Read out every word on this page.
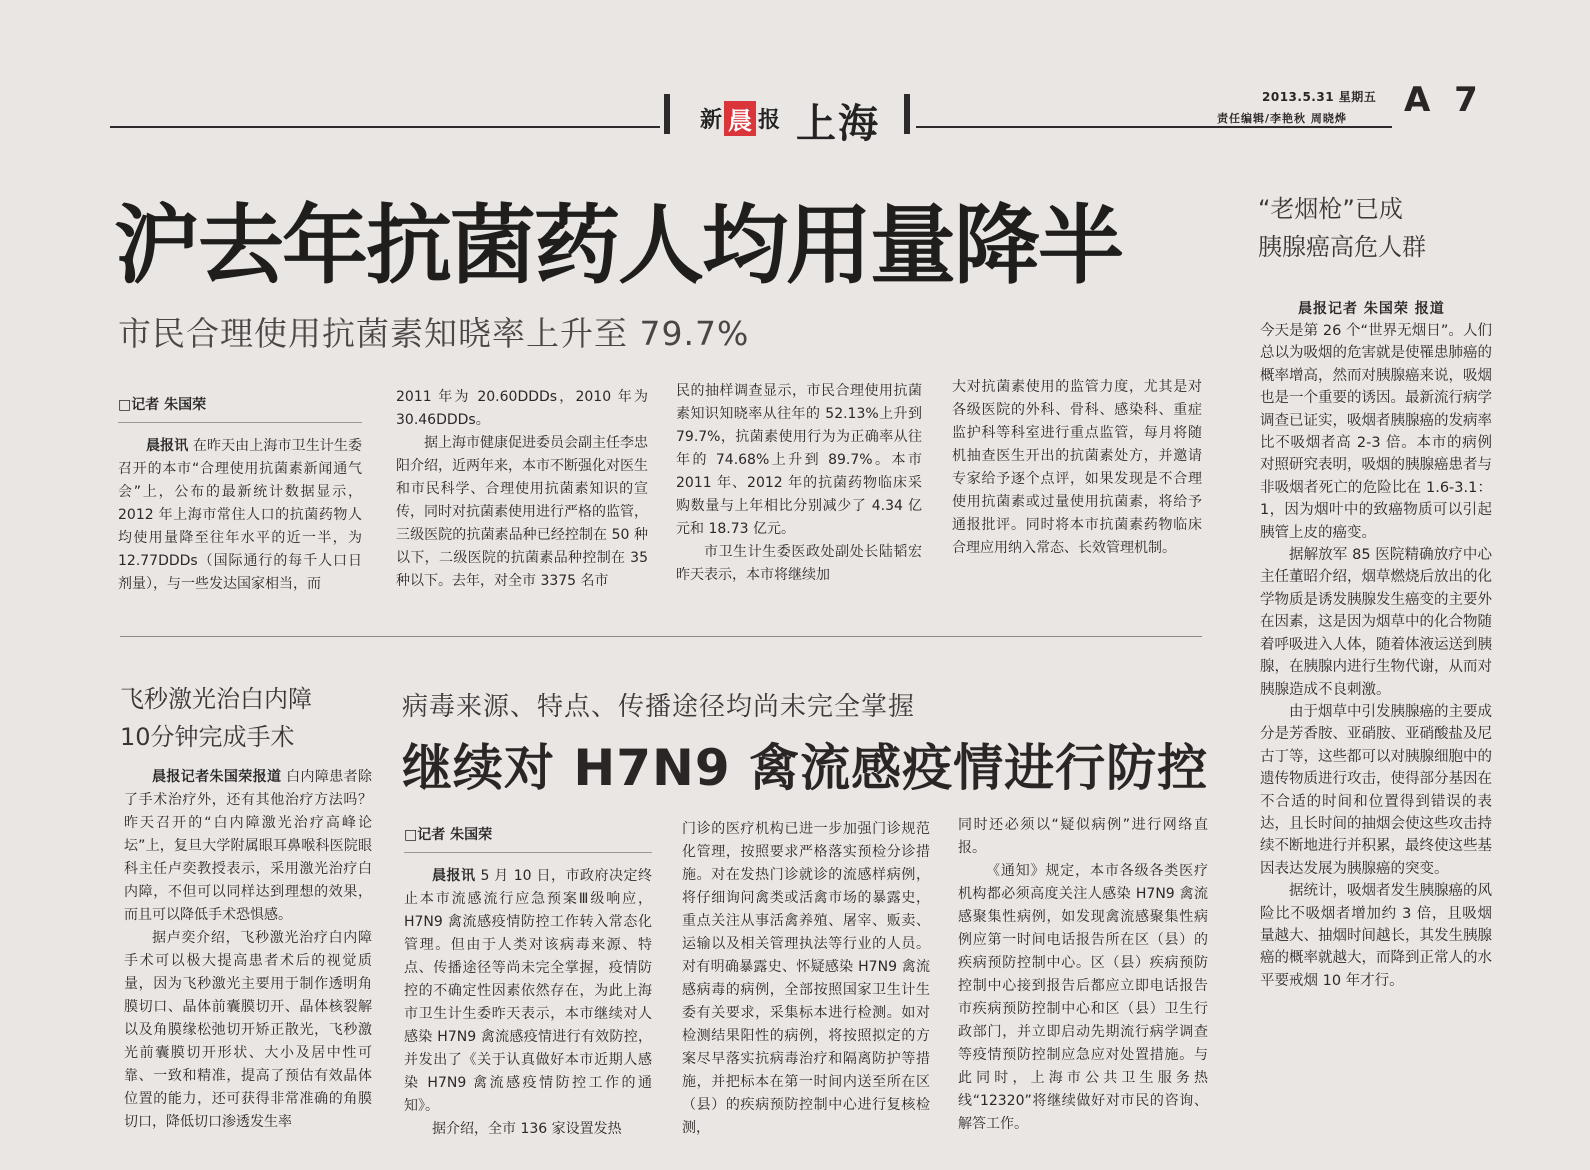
新 晨 报 上海
2013.5.31 星期五
责任编辑/李艳秋 周晓烨 A 7
沪去年抗菌药人均用量降半
市民合理使用抗菌素知晓率上升至 79.7%

□记者 朱国荣

晨报讯 在昨天由上海市卫生计生委召开的本市“合理使用抗菌素新闻通气会”上，公布的最新统计数据显示，2012 年上海市常住人口的抗菌药物人均使用量降至往年水平的近一半，为 12.77DDDs（国际通行的每千人口日剂量），与一些发达国家相当，而

2011 年为 20.60DDDs，2010 年为 30.46DDDs。

据上海市健康促进委员会副主任李忠阳介绍，近两年来，本市不断强化对医生和市民科学、合理使用抗菌素知识的宣传，同时对抗菌素使用进行严格的监管，三级医院的抗菌素品种已经控制在 50 种以下，二级医院的抗菌素品种控制在 35 种以下。去年，对全市 3375 名市

民的抽样调查显示，市民合理使用抗菌素知识知晓率从往年的 52.13%上升到 79.7%，抗菌素使用行为为正确率从往年的 74.68%上升到 89.7%。本市 2011 年、2012 年的抗菌药物临床采购数量与上年相比分别减少了 4.34 亿元和 18.73 亿元。

市卫生计生委医政处副处长陆韬宏昨天表示，本市将继续加

大对抗菌素使用的监管力度，尤其是对各级医院的外科、骨科、感染科、重症监护科等科室进行重点监管，每月将随机抽查医生开出的抗菌素处方，并邀请专家给予逐个点评，如果发现是不合理使用抗菌素或过量使用抗菌素，将给予通报批评。同时将本市抗菌素药物临床合理应用纳入常态、长效管理机制。

“老烟枪”已成
胰腺癌高危人群
晨报记者 朱国荣 报道

今天是第 26 个“世界无烟日”。人们总以为吸烟的危害就是使罹患肺癌的概率增高，然而对胰腺癌来说，吸烟也是一个重要的诱因。最新流行病学调查已证实，吸烟者胰腺癌的发病率比不吸烟者高 2-3 倍。本市的病例对照研究表明，吸烟的胰腺癌患者与非吸烟者死亡的危险比在 1.6-3.1：1，因为烟叶中的致癌物质可以引起胰管上皮的癌变。

据解放军 85 医院精确放疗中心主任董昭介绍，烟草燃烧后放出的化学物质是诱发胰腺发生癌变的主要外在因素，这是因为烟草中的化合物随着呼吸进入人体，随着体液运送到胰腺，在胰腺内进行生物代谢，从而对胰腺造成不良刺激。

由于烟草中引发胰腺癌的主要成分是芳香胺、亚硝胺、亚硝酸盐及尼古丁等，这些都可以对胰腺细胞中的遗传物质进行攻击，使得部分基因在不合适的时间和位置得到错误的表达，且长时间的抽烟会使这些攻击持续不断地进行并积累，最终使这些基因表达发展为胰腺癌的突变。

据统计，吸烟者发生胰腺癌的风险比不吸烟者增加约 3 倍，且吸烟量越大、抽烟时间越长，其发生胰腺癌的概率就越大，而降到正常人的水平要戒烟 10 年才行。

飞秒激光治白内障
10分钟完成手术

晨报记者朱国荣报道 白内障患者除了手术治疗外，还有其他治疗方法吗？昨天召开的“白内障激光治疗高峰论坛”上，复旦大学附属眼耳鼻喉科医院眼科主任卢奕教授表示，采用激光治疗白内障，不但可以同样达到理想的效果，而且可以降低手术恐惧感。

据卢奕介绍，飞秒激光治疗白内障手术可以极大提高患者术后的视觉质量，因为飞秒激光主要用于制作透明角膜切口、晶体前囊膜切开、晶体核裂解以及角膜缘松弛切开矫正散光，飞秒激光前囊膜切开形状、大小及居中性可靠、一致和精准，提高了预估有效晶体位置的能力，还可获得非常准确的角膜切口，降低切口渗透发生率

病毒来源、特点、传播途径均尚未完全掌握
继续对 H7N9 禽流感疫情进行防控

□记者 朱国荣

晨报讯 5 月 10 日，市政府决定终止本市流感流行应急预案Ⅲ级响应，H7N9 禽流感疫情防控工作转入常态化管理。但由于人类对该病毒来源、特点、传播途径等尚未完全掌握，疫情防控的不确定性因素依然存在，为此上海市卫生计生委昨天表示，本市继续对人感染 H7N9 禽流感疫情进行有效防控，并发出了《关于认真做好本市近期人感染 H7N9 禽流感疫情防控工作的通知》。

据介绍，全市 136 家设置发热

门诊的医疗机构已进一步加强门诊规范化管理，按照要求严格落实预检分诊措施。对在发热门诊就诊的流感样病例，将仔细询问禽类或活禽市场的暴露史，重点关注从事活禽养殖、屠宰、贩卖、运输以及相关管理执法等行业的人员。对有明确暴露史、怀疑感染 H7N9 禽流感病毒的病例，全部按照国家卫生计生委有关要求，采集标本进行检测。如对检测结果阳性的病例，将按照拟定的方案尽早落实抗病毒治疗和隔离防护等措施，并把标本在第一时间内送至所在区（县）的疾病预防控制中心进行复核检测，

同时还必须以“疑似病例”进行网络直报。

《通知》规定，本市各级各类医疗机构都必须高度关注人感染 H7N9 禽流感聚集性病例，如发现禽流感聚集性病例应第一时间电话报告所在区（县）的疾病预防控制中心。区（县）疾病预防控制中心接到报告后都应立即电话报告市疾病预防控制中心和区（县）卫生行政部门，并立即启动先期流行病学调查等疫情预防控制应急应对处置措施。与此同时，上海市公共卫生服务热线“12320”将继续做好对市民的咨询、解答工作。
